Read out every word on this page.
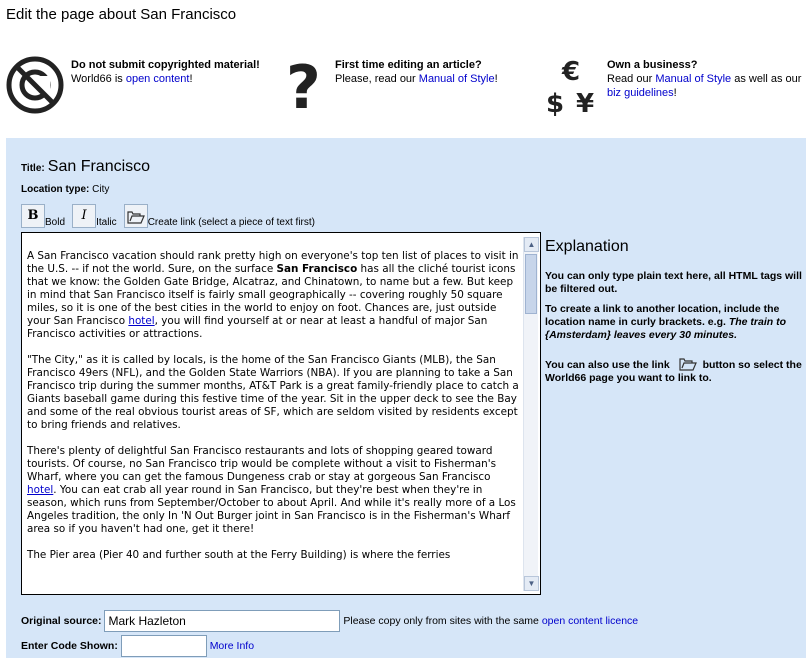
Edit the page about San Francisco
Do not submit copyrighted material!
World66 is open content!	? First time editing an article?
Please, read our Manual of Style! €
$ ¥
Own a business?
Read our Manual of Style as well as our
biz guidelines!
Title: San Francisco
Location type: City
B Bold I Italic	Create link (select a piece of text first)

A San Francisco vacation should rank pretty high on everyone's top ten list of places to visit in the U.S. -- if not the world. Sure, on the surface San Francisco has all the cliché tourist icons that we know: the Golden Gate Bridge, Alcatraz, and Chinatown, to name but a few. But keep in mind that San Francisco itself is fairly small geographically -- covering roughly 50 square miles, so it is one of the best cities in the world to enjoy on foot. Chances are, just outside your San Francisco hotel, you will find yourself at or near at least a handful of major San Francisco activities or attractions.

"The City," as it is called by locals, is the home of the San Francisco Giants (MLB), the San Francisco 49ers (NFL), and the Golden State Warriors (NBA). If you are planning to take a San Francisco trip during the summer months, AT&T Park is a great family-friendly place to catch a Giants baseball game during this festive time of the year. Sit in the upper deck to see the Bay and some of the real obvious tourist areas of SF, which are seldom visited by residents except to bring friends and relatives.

There's plenty of delightful San Francisco restaurants and lots of shopping geared toward tourists. Of course, no San Francisco trip would be complete without a visit to Fisherman's Wharf, where you can get the famous Dungeness crab or stay at gorgeous San Francisco hotel. You can eat crab all year round in San Francisco, but they're best when they're in season, which runs from September/October to about April. And while it's really more of a Los Angeles tradition, the only In 'N Out Burger joint in San Francisco is in the Fisherman's Wharf area so if you haven't had one, get it there!

The Pier area (Pier 40 and further south at the Ferry Building) is where the ferries

▲
▼
Explanation

You can only type plain text here, all HTML tags will be filtered out.

To create a link to another location, include the location name in curly brackets. e.g. The train to {Amsterdam} leaves every 30 minutes.

You can also use the link	button so select the World66 page you want to link to.

Original source: Mark Hazleton	Please copy only from sites with the same open content licence
Enter Code Shown:	More Info
